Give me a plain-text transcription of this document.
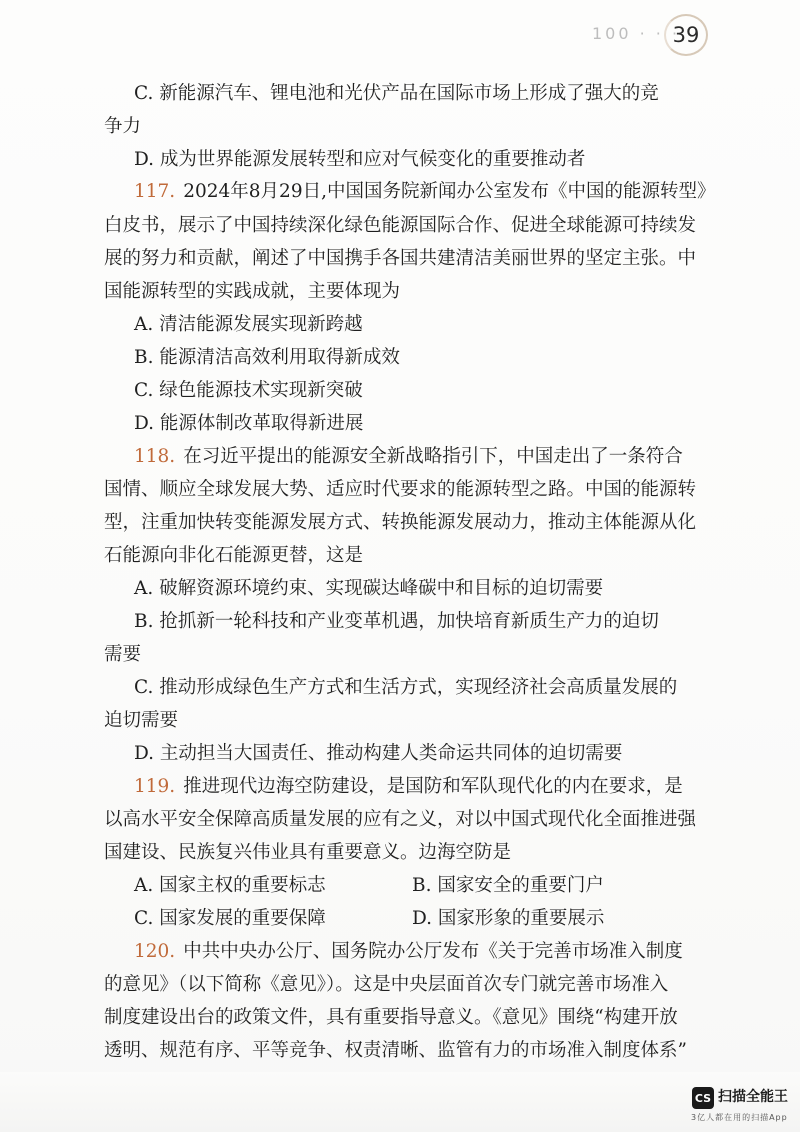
100 · · ·
39
C. 新能源汽车、锂电池和光伏产品在国际市场上形成了强大的竞
争力
D. 成为世界能源发展转型和应对气候变化的重要推动者
117. 2024年8月29日,中国国务院新闻办公室发布《中国的能源转型》
白皮书，展示了中国持续深化绿色能源国际合作、促进全球能源可持续发
展的努力和贡献，阐述了中国携手各国共建清洁美丽世界的坚定主张。中
国能源转型的实践成就，主要体现为
A. 清洁能源发展实现新跨越
B. 能源清洁高效利用取得新成效
C. 绿色能源技术实现新突破
D. 能源体制改革取得新进展
118. 在习近平提出的能源安全新战略指引下，中国走出了一条符合
国情、顺应全球发展大势、适应时代要求的能源转型之路。中国的能源转
型，注重加快转变能源发展方式、转换能源发展动力，推动主体能源从化
石能源向非化石能源更替，这是
A. 破解资源环境约束、实现碳达峰碳中和目标的迫切需要
B. 抢抓新一轮科技和产业变革机遇，加快培育新质生产力的迫切
需要
C. 推动形成绿色生产方式和生活方式，实现经济社会高质量发展的
迫切需要
D. 主动担当大国责任、推动构建人类命运共同体的迫切需要
119. 推进现代边海空防建设，是国防和军队现代化的内在要求，是
以高水平安全保障高质量发展的应有之义，对以中国式现代化全面推进强
国建设、民族复兴伟业具有重要意义。边海空防是
A. 国家主权的重要标志	B. 国家安全的重要门户
C. 国家发展的重要保障	D. 国家形象的重要展示
120. 中共中央办公厅、国务院办公厅发布《关于完善市场准入制度
的意见》（以下简称《意见》）。这是中央层面首次专门就完善市场准入
制度建设出台的政策文件，具有重要指导意义。《意见》围绕“构建开放
透明、规范有序、平等竞争、权责清晰、监管有力的市场准入制度体系”
CS 扫描全能王
3亿人都在用的扫描App
